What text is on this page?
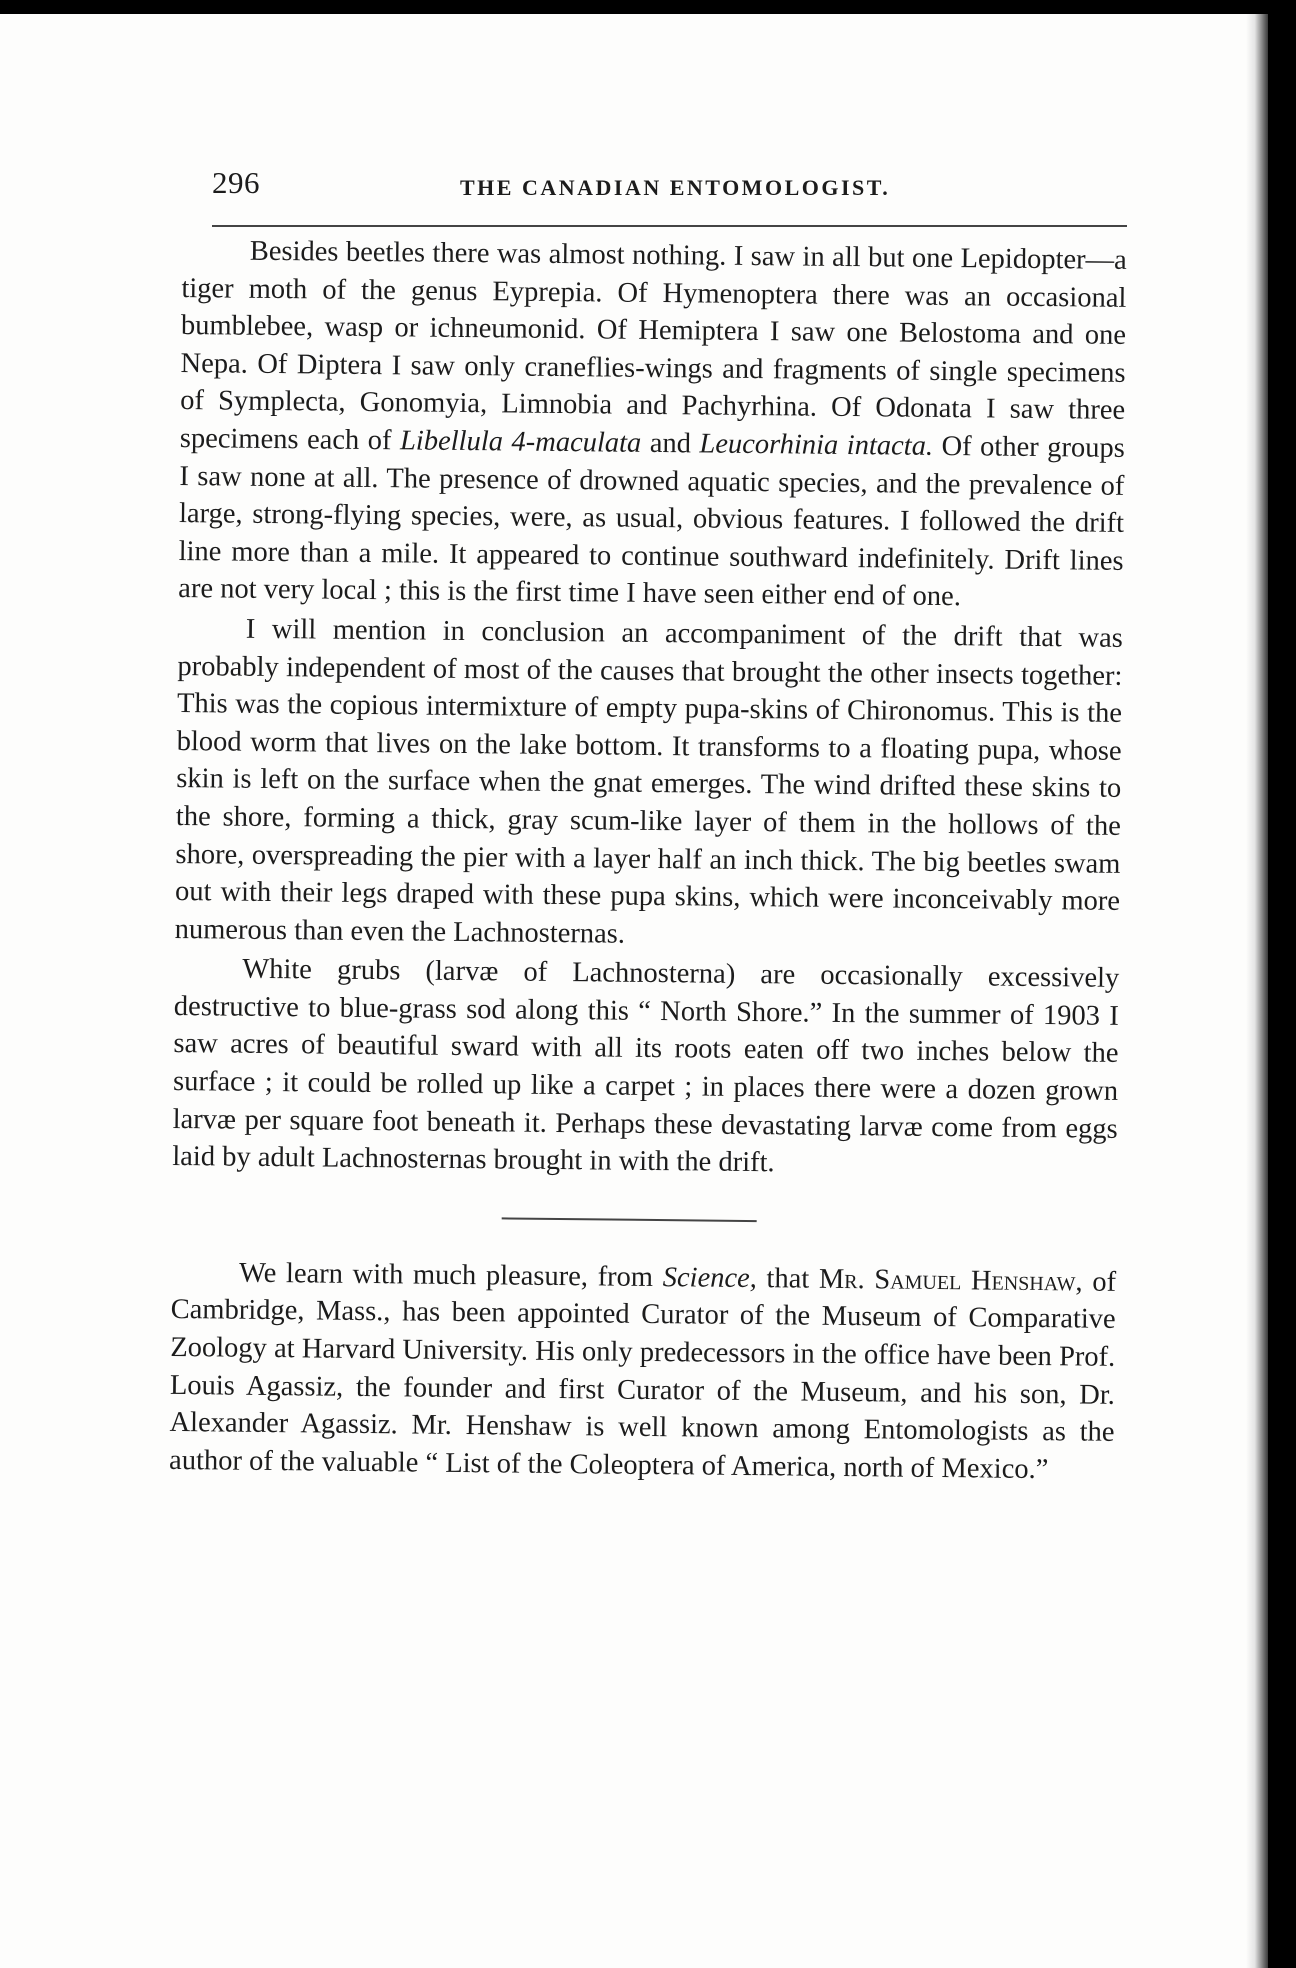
296	THE CANADIAN ENTOMOLOGIST.

Besides beetles there was almost nothing. I saw in all but one Lepidopter—a tiger moth of the genus Eyprepia. Of Hymenoptera there was an occasional bumblebee, wasp or ichneumonid. Of Hemiptera I saw one Belostoma and one Nepa. Of Diptera I saw only craneflies-wings and fragments of single specimens of Symplecta, Gonomyia, Limnobia and Pachyrhina. Of Odonata I saw three specimens each of Libellula 4-maculata and Leucorhinia intacta. Of other groups I saw none at all. The presence of drowned aquatic species, and the prevalence of large, strong-flying species, were, as usual, obvious features. I followed the drift line more than a mile. It appeared to continue southward indefinitely. Drift lines are not very local ; this is the first time I have seen either end of one.

I will mention in conclusion an accompaniment of the drift that was probably independent of most of the causes that brought the other insects together: This was the copious intermixture of empty pupa-skins of Chironomus. This is the blood worm that lives on the lake bottom. It transforms to a floating pupa, whose skin is left on the surface when the gnat emerges. The wind drifted these skins to the shore, forming a thick, gray scum-like layer of them in the hollows of the shore, overspreading the pier with a layer half an inch thick. The big beetles swam out with their legs draped with these pupa skins, which were inconceivably more numerous than even the Lachnosternas.

White grubs (larvæ of Lachnosterna) are occasionally excessively destructive to blue-grass sod along this “ North Shore.” In the summer of 1903 I saw acres of beautiful sward with all its roots eaten off two inches below the surface ; it could be rolled up like a carpet ; in places there were a dozen grown larvæ per square foot beneath it. Perhaps these devastating larvæ come from eggs laid by adult Lachnosternas brought in with the drift.

We learn with much pleasure, from Science, that Mr. Samuel Henshaw, of Cambridge, Mass., has been appointed Curator of the Museum of Comparative Zoology at Harvard University. His only predecessors in the office have been Prof. Louis Agassiz, the founder and first Curator of the Museum, and his son, Dr. Alexander Agassiz. Mr. Henshaw is well known among Entomologists as the author of the valuable “ List of the Coleoptera of America, north of Mexico.”
